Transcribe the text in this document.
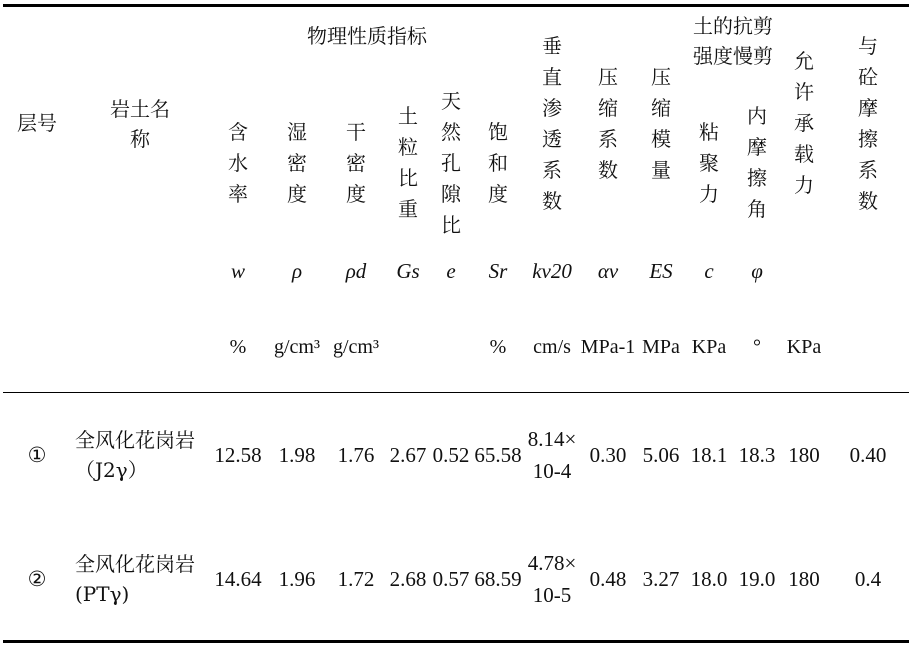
层号	岩土名称	物理性质指标						垂直渗透系数	压缩系数	压缩模量	土的抗剪强度慢剪		允许承载力	与砼摩擦系数

		含水率	湿密度	干密度	土粒比重	天然孔隙比	饱和度				粘聚力	内摩擦角		

		w	ρ	ρd	Gs	e	Sr	kv20	αv	ES	c	φ		
		%	g/cm³	g/cm³			%	cm/s	MPa-1	MPa	KPa	°	KPa	
①	全风化花岗岩（J2γ）	12.58	1.98	1.76	2.67	0.52	65.58	8.14×10-4	0.30	5.06	18.1	18.3	180	0.40
②	全风化花岗岩(PTγ)	14.64	1.96	1.72	2.68	0.57	68.59	4.78×10-5	0.48	3.27	18.0	19.0	180	0.4
